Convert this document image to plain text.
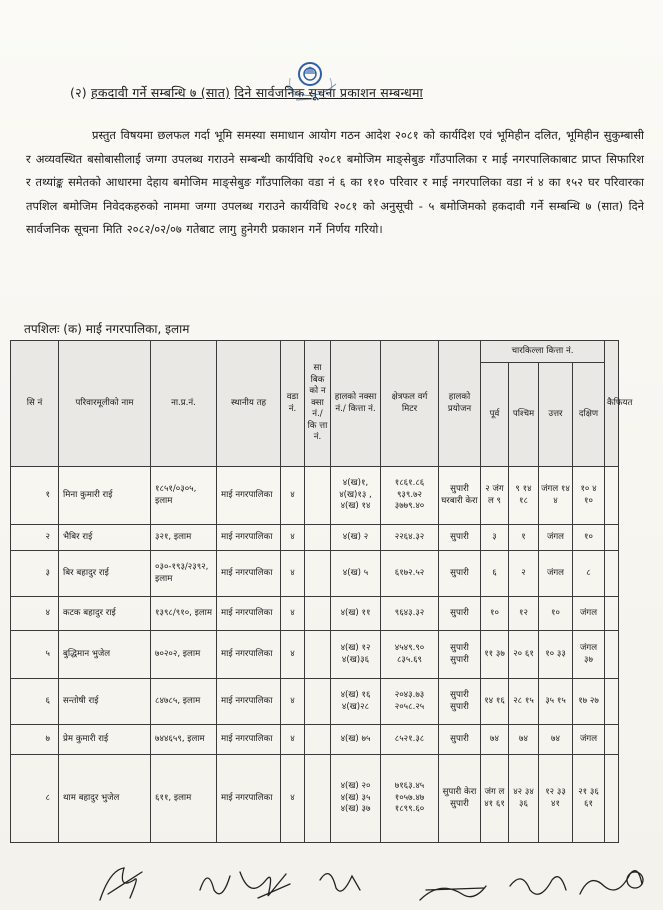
(२) हकदावी गर्ने सम्बन्धि ७ (सात) दिने सार्वजनिक सूचना प्रकाशन सम्बन्धमा
प्रस्तुत विषयमा छलफल गर्दा भूमि समस्या समाधान आयोग गठन आदेश २०८१ को कार्यदिश एवं भूमिहीन दलित, भूमिहीन सुकुम्बासी र अव्यवस्थित बसोबासीलाई जग्गा उपलब्ध गराउने सम्बन्धी कार्यविधि २०८१ बमोजिम माङ्सेबुङ गाँउपालिका र माई नगरपालिकाबाट प्राप्त सिफारिश र तथ्यांङ्क समेतको आधारमा देहाय बमोजिम माङ्सेबुङ गाँउपालिका वडा नं ६ का ११० परिवार र माई नगरपालिका वडा नं ४ का १५२ घर परिवारका तपशिल बमोजिम निवेदकहरुको नाममा जग्गा उपलब्ध गराउने कार्यविधि २०८१ को अनुसूची - ५ बमोजिमको हकदावी गर्ने सम्बन्धि ७ (सात) दिने सार्वजनिक सूचना मिति २०८२/०२/०७ गतेबाट लागु हुनेगरी प्रकाशन गर्ने निर्णय गरियो।
तपशिलः (क) माई नगरपालिका, इलाम
सि नं	परिवारमूलीको नाम	ना.प्र.नं.	स्थानीय तह	वडा नं.	सा बिक को न क्सा नं./ कि त्ता नं.	हालको नक्सा नं./ कित्ता नं.	क्षेत्रफल वर्ग मिटर	हालको प्रयोजन	चारकिल्ला कित्ता नं.				कैफियत
									पूर्व	पश्चिम	उत्तर	दक्षिण	
१	मिना कुमारी राई	१८५१/०३०५, इलाम	माई नगरपालिका	४		४(ख)१, ४(ख)१३ , ४(ख) १४	१८६१.८६ ९३९.७२ ३७७९.४०	सुपारी घरबारी केरा	२ जंग ल ९	९ १४ १८	जंगल १४ ४	१० ४ १०	
२	भैबिर राई	३२१, इलाम	माई नगरपालिका	४		४(ख) २	२२६४.३२	सुपारी	३	१	जंगल	१०	
३	बिर बहादुर राई	०३०-१९३/२३९२, इलाम	माई नगरपालिका	४		४(ख) ५	६१७२.५२	सुपारी	६	२	जंगल	८	
४	कटक बहादुर राई	१३९८/९१०, इलाम	माई नगरपालिका	४		४(ख) ११	९६४३.३२	सुपारी	१०	१२	१०	जंगल	
५	बुद्धिमान भुजेल	७०२०२, इलाम	माई नगरपालिका	४		४(ख) १२ ४(ख)३६	४५४९.९० ८३५.६९	सुपारी सुपारी	११ ३७	२० ६१	१० ३३	जंगल ३७	
६	सन्तोषी राई	८४७८५, इलाम	माई नगरपालिका	४		४(ख) १६ ४(ख)२८	२०४३.७३ २०५८.२५	सुपारी सुपारी	१४ १६	२८ १५	३५ १५	१७ २७	
७	प्रेम कुमारी राई	७४४६५९, इलाम	माई नगरपालिका	४		४(ख) ७५	८५२१.३८	सुपारी	७४	७४	७४	जंगल	
८	थाम बहादुर भुजेल	६११, इलाम	माई नगरपालिका	४		४(ख) २० ४(ख) ३५ ४(ख) ३७	७१६३.४५ १०५७.४७ १८९९.६०	सुपारी केरा सुपारी	जंग ल ४१ ६१	४२ ३४ ३६	१२ ३३ ४१	२१ ३६ ६१	
